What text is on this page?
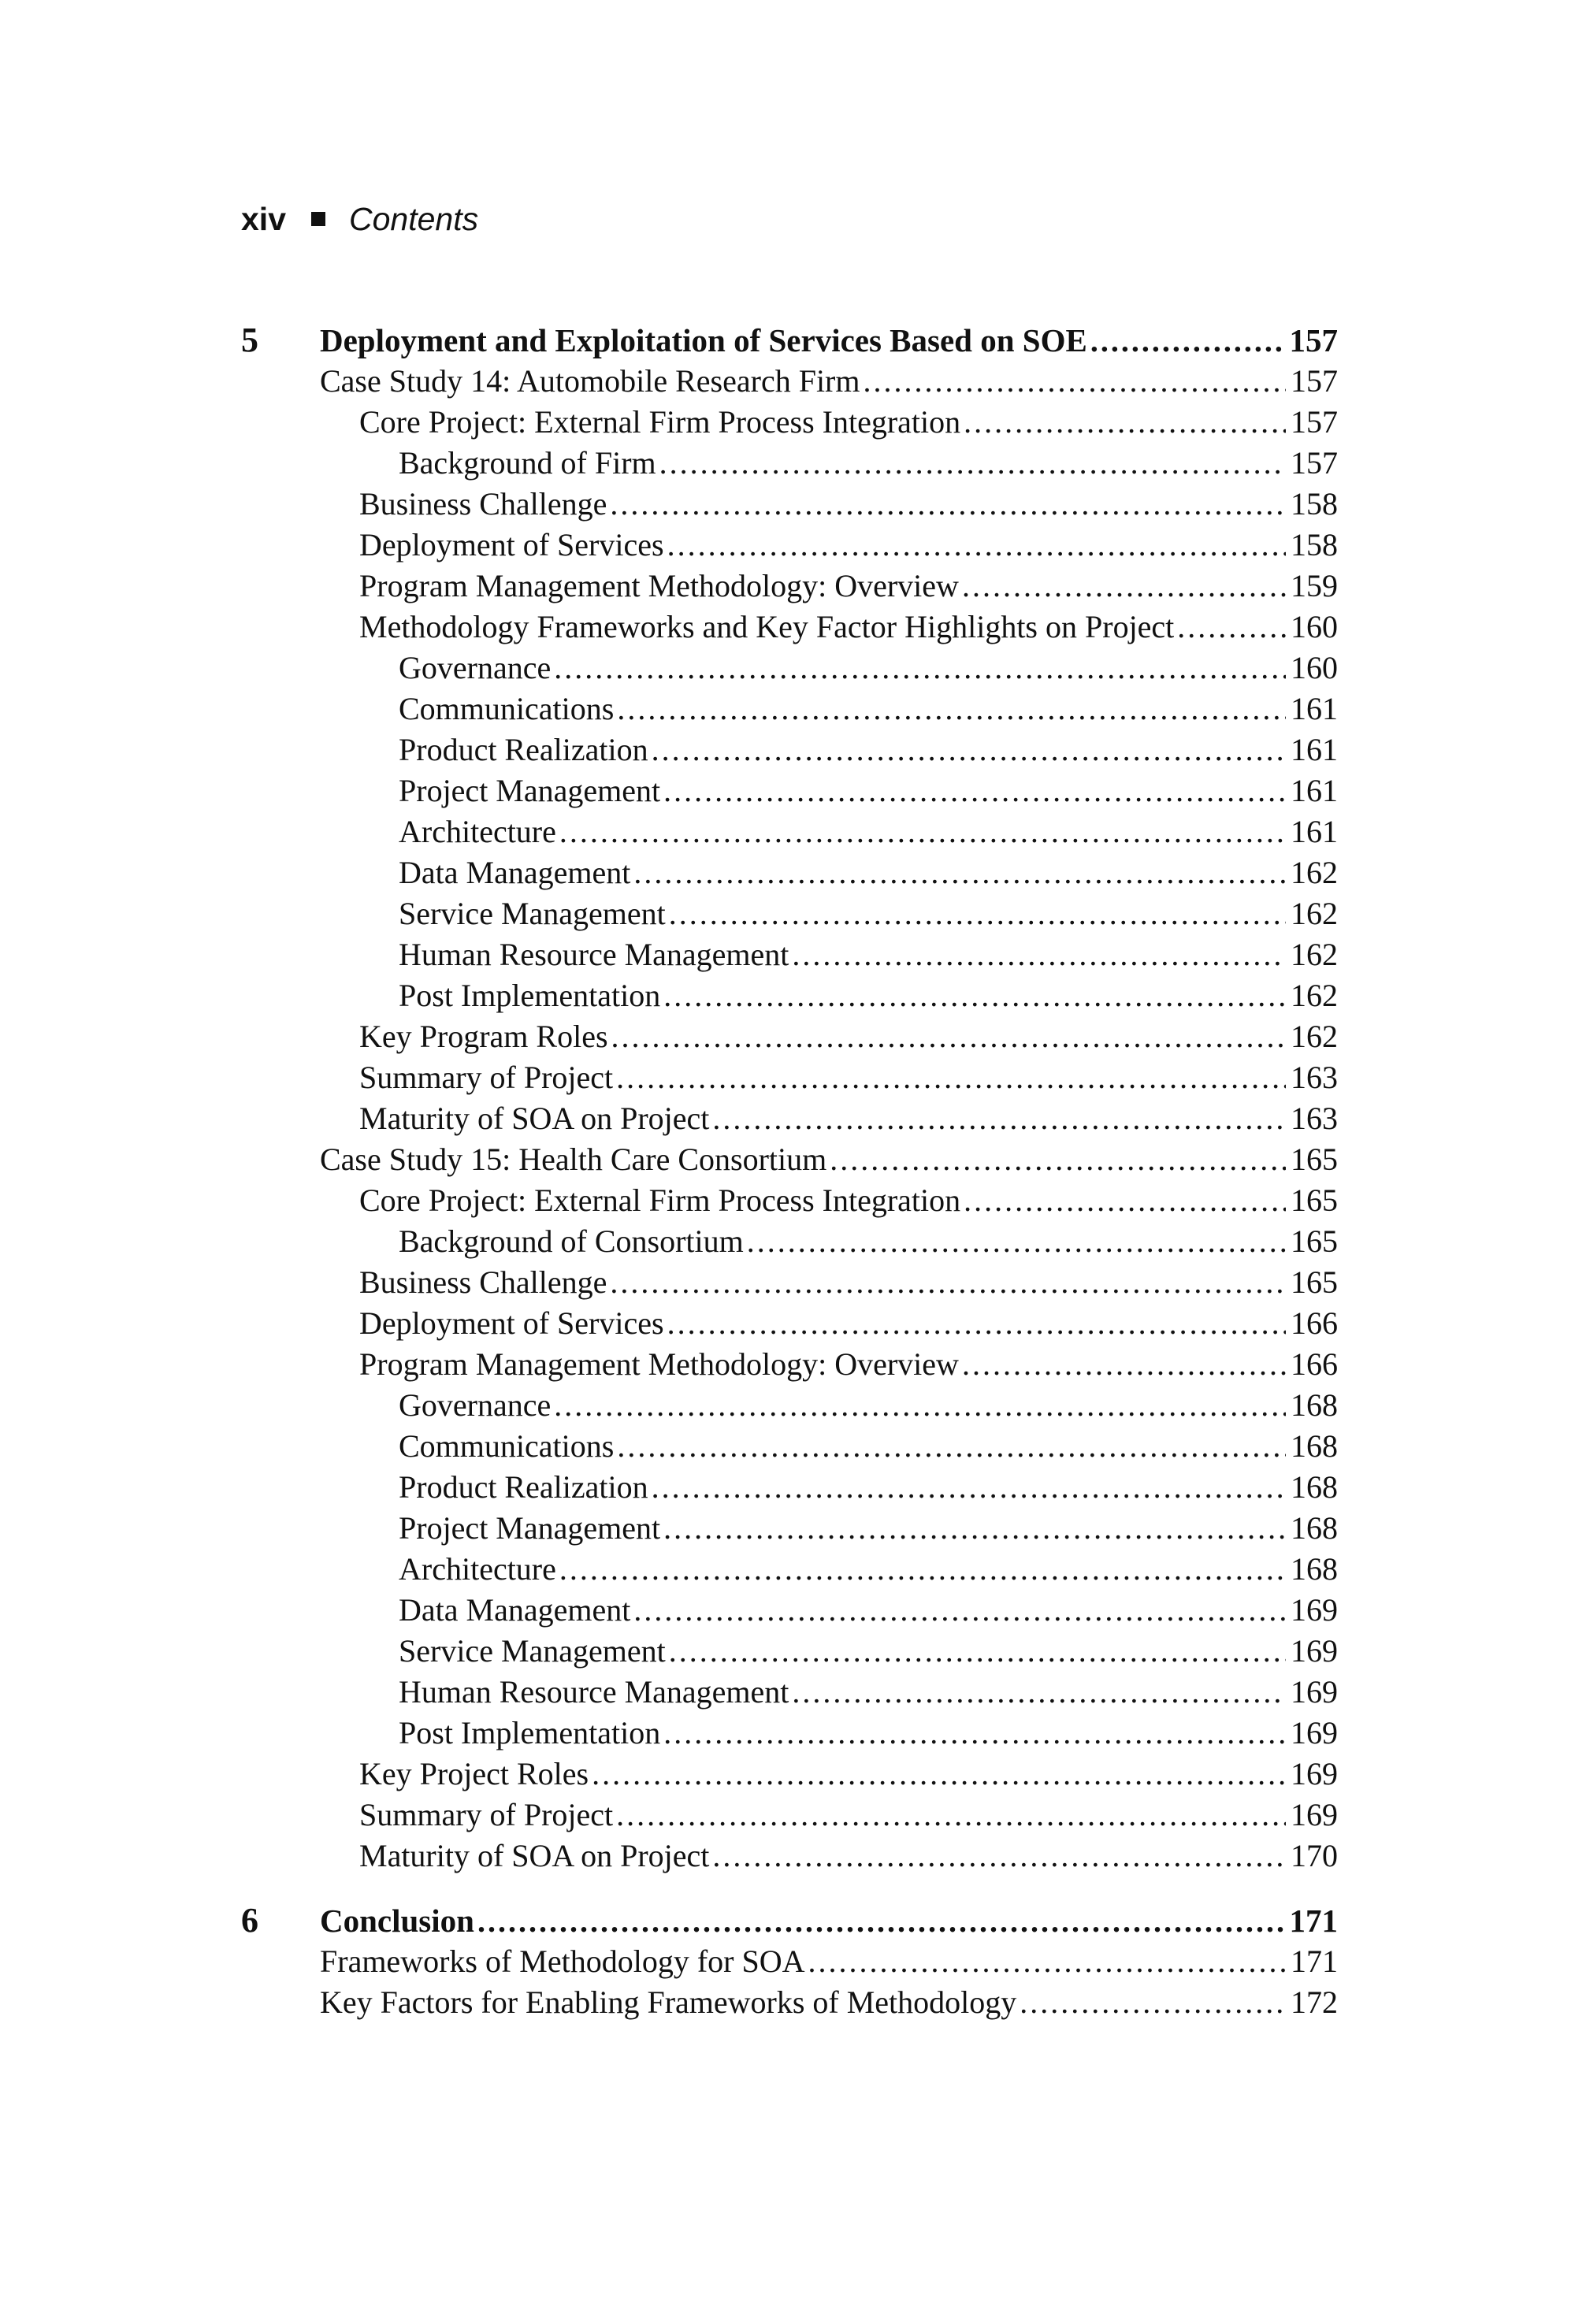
xiv Contents
5 Deployment and Exploitation of Services Based on SOE .....	157
Case Study 14: Automobile Research Firm .....	157
Core Project: External Firm Process Integration .....	157
Background of Firm .....	157
Business Challenge .....	158
Deployment of Services .....	158
Program Management Methodology: Overview .....	159
Methodology Frameworks and Key Factor Highlights on Project .....	160
Governance .....	160
Communications .....	161
Product Realization .....	161
Project Management .....	161
Architecture .....	161
Data Management .....	162
Service Management .....	162
Human Resource Management .....	162
Post Implementation .....	162
Key Program Roles .....	162
Summary of Project .....	163
Maturity of SOA on Project .....	163
Case Study 15: Health Care Consortium .....	165
Core Project: External Firm Process Integration .....	165
Background of Consortium .....	165
Business Challenge .....	165
Deployment of Services .....	166
Program Management Methodology: Overview .....	166
Governance .....	168
Communications .....	168
Product Realization .....	168
Project Management .....	168
Architecture .....	168
Data Management .....	169
Service Management .....	169
Human Resource Management .....	169
Post Implementation .....	169
Key Project Roles .....	169
Summary of Project .....	169
Maturity of SOA on Project .....	170
6 Conclusion .....	171
Frameworks of Methodology for SOA .....	171
Key Factors for Enabling Frameworks of Methodology .....	172
